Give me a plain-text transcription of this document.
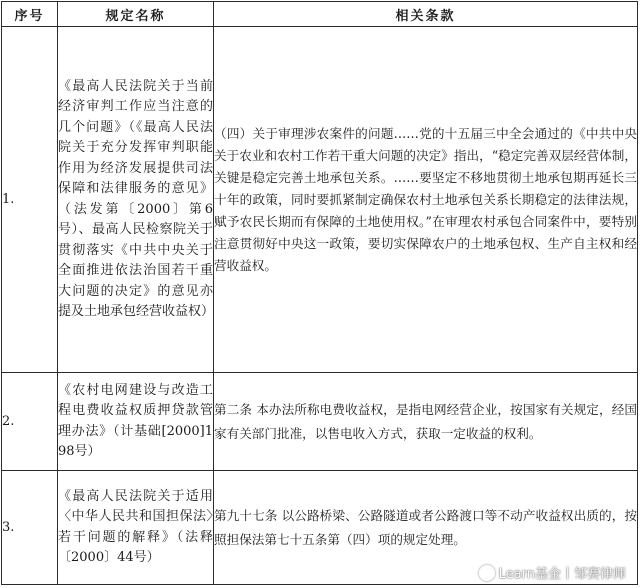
序号	规定名称	相关条款
1.	《最高人民法院关于当前经济审判工作应当注意的几个问题》（《最高人民法院关于充分发挥审判职能作用为经济发展提供司法保障和法律服务的意见》（法发第〔2000〕第6号）、最高人民检察院关于贯彻落实《中共中央关于全面推进依法治国若干重大问题的决定》的意见亦提及土地承包经营收益权）	（四）关于审理涉农案件的问题……党的十五届三中全会通过的《中共中央关于农业和农村工作若干重大问题的决定》指出，“稳定完善双层经营体制，关键是稳定完善土地承包关系。……要坚定不移地贯彻土地承包期再延长三十年的政策，同时要抓紧制定确保农村土地承包关系长期稳定的法律法规，赋予农民长期而有保障的土地使用权。”在审理农村承包合同案件中，要特别注意贯彻好中央这一政策，要切实保障农户的土地承包权、生产自主权和经营收益权。
2.	《农村电网建设与改造工程电费收益权质押贷款管理办法》（计基础[2000]198号）	第二条 本办法所称电费收益权，是指电网经营企业，按国家有关规定，经国家有关部门批准，以售电收入方式，获取一定收益的权利。
3.	《最高人民法院关于适用〈中华人民共和国担保法〉若干问题的解释》（法释〔2000〕44号）	第九十七条 以公路桥梁、公路隧道或者公路渡口等不动产收益权出质的，按照担保法第七十五条第（四）项的规定处理。
Learn基金丨邹赛律师
